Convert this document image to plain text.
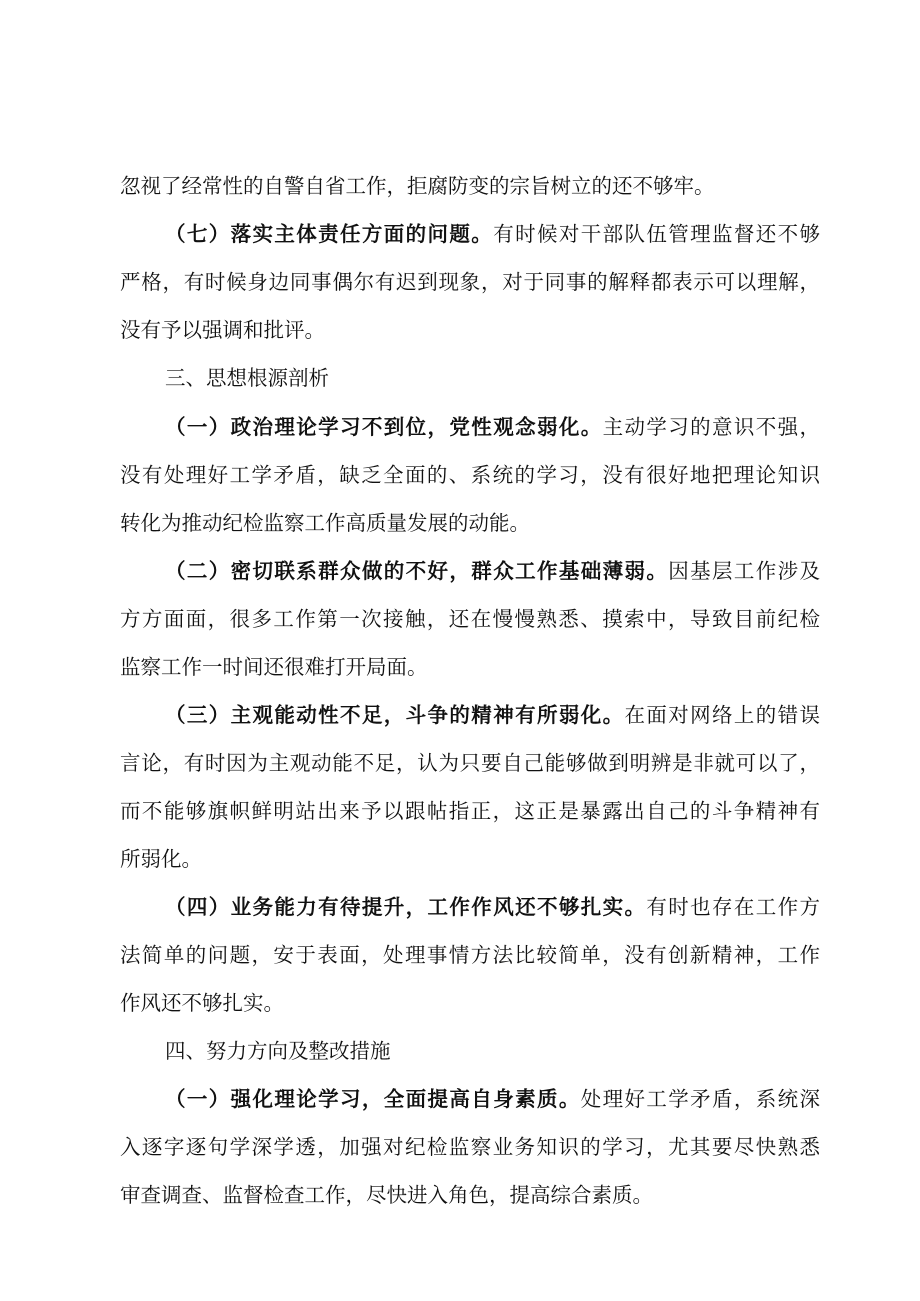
忽视了经常性的自警自省工作，拒腐防变的宗旨树立的还不够牢。
（七）落实主体责任方面的问题。有时候对干部队伍管理监督还不够
严格，有时候身边同事偶尔有迟到现象，对于同事的解释都表示可以理解，
没有予以强调和批评。
三、思想根源剖析
（一）政治理论学习不到位，党性观念弱化。主动学习的意识不强，
没有处理好工学矛盾，缺乏全面的、系统的学习，没有很好地把理论知识
转化为推动纪检监察工作高质量发展的动能。
（二）密切联系群众做的不好，群众工作基础薄弱。因基层工作涉及
方方面面，很多工作第一次接触，还在慢慢熟悉、摸索中，导致目前纪检
监察工作一时间还很难打开局面。
（三）主观能动性不足，斗争的精神有所弱化。在面对网络上的错误
言论，有时因为主观动能不足，认为只要自己能够做到明辨是非就可以了，
而不能够旗帜鲜明站出来予以跟帖指正，这正是暴露出自己的斗争精神有
所弱化。
（四）业务能力有待提升，工作作风还不够扎实。有时也存在工作方
法简单的问题，安于表面，处理事情方法比较简单，没有创新精神，工作
作风还不够扎实。
四、努力方向及整改措施
（一）强化理论学习，全面提高自身素质。处理好工学矛盾，系统深
入逐字逐句学深学透，加强对纪检监察业务知识的学习，尤其要尽快熟悉
审查调查、监督检查工作，尽快进入角色，提高综合素质。
